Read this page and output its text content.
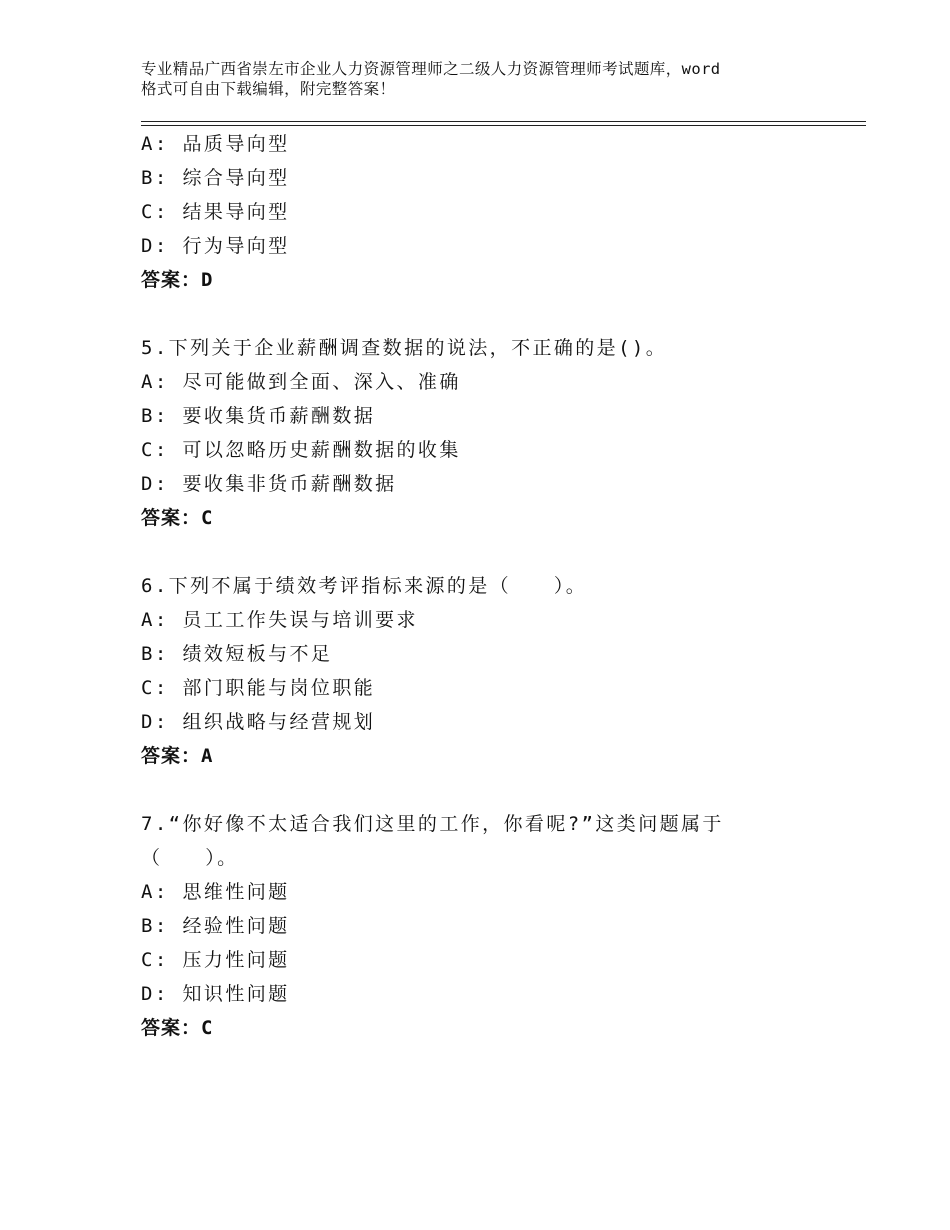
专业精品广西省崇左市企业人力资源管理师之二级人力资源管理师考试题库，word
格式可自由下载编辑，附完整答案！
A: 品质导向型
B: 综合导向型
C: 结果导向型
D: 行为导向型
答案：D
5.下列关于企业薪酬调查数据的说法，不正确的是()。
A: 尽可能做到全面、深入、准确
B: 要收集货币薪酬数据
C: 可以忽略历史薪酬数据的收集
D: 要收集非货币薪酬数据
答案：C
6.下列不属于绩效考评指标来源的是（　　）。
A: 员工工作失误与培训要求
B: 绩效短板与不足
C: 部门职能与岗位职能
D: 组织战略与经营规划
答案：A
7.“你好像不太适合我们这里的工作，你看呢?”这类问题属于
（　　）。
A: 思维性问题
B: 经验性问题
C: 压力性问题
D: 知识性问题
答案：C
